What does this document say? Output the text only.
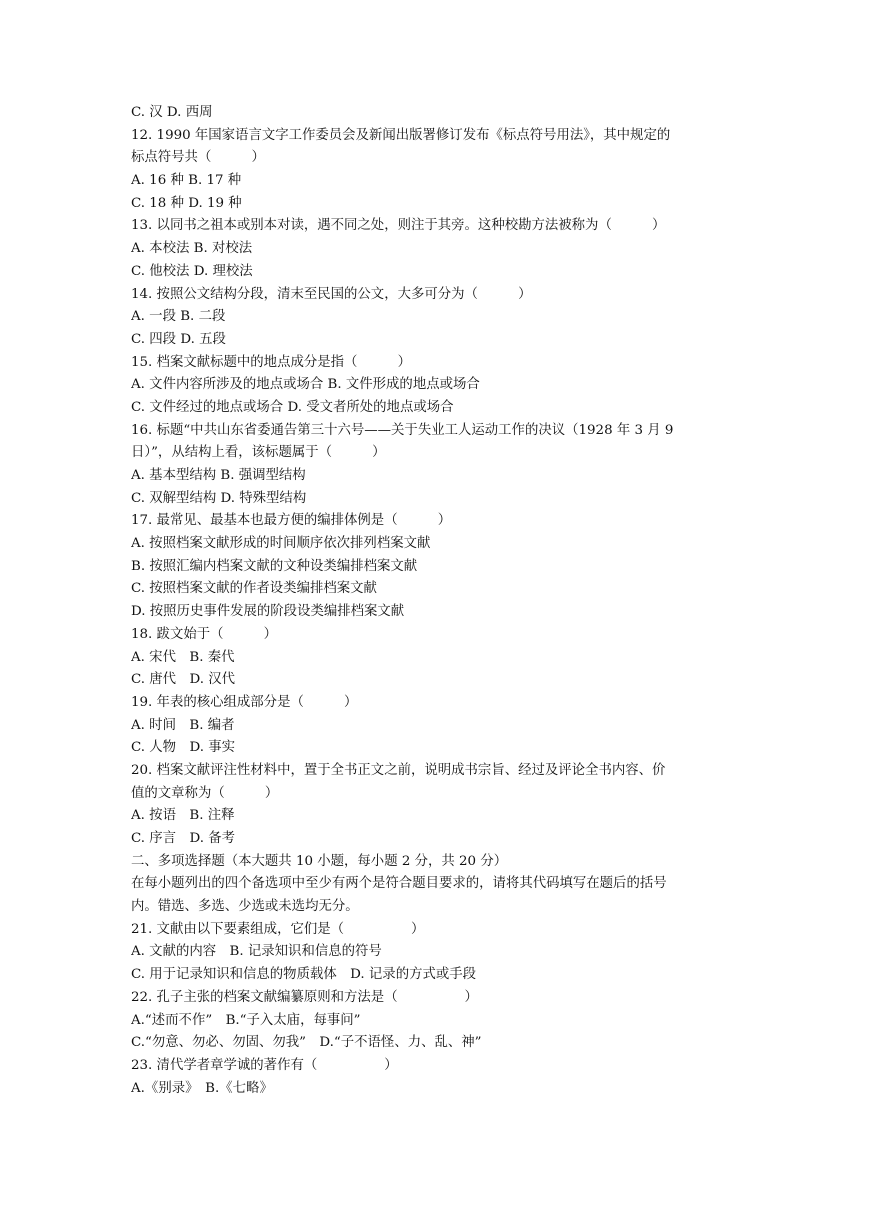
C. 汉 D. 西周
12. 1990 年国家语言文字工作委员会及新闻出版署修订发布《标点符号用法》，其中规定的
标点符号共（　　　）
A. 16 种 B. 17 种
C. 18 种 D. 19 种
13. 以同书之祖本或别本对读，遇不同之处，则注于其旁。这种校勘方法被称为（　　　）
A. 本校法 B. 对校法
C. 他校法 D. 理校法
14. 按照公文结构分段，清末至民国的公文，大多可分为（　　　）
A. 一段 B. 二段
C. 四段 D. 五段
15. 档案文献标题中的地点成分是指（　　　）
A. 文件内容所涉及的地点或场合 B. 文件形成的地点或场合
C. 文件经过的地点或场合 D. 受文者所处的地点或场合
16. 标题“中共山东省委通告第三十六号——关于失业工人运动工作的决议（1928 年 3 月 9
日）”，从结构上看，该标题属于（　　　）
A. 基本型结构 B. 强调型结构
C. 双解型结构 D. 特殊型结构
17. 最常见、最基本也最方便的编排体例是（　　　）
A. 按照档案文献形成的时间顺序依次排列档案文献
B. 按照汇编内档案文献的文种设类编排档案文献
C. 按照档案文献的作者设类编排档案文献
D. 按照历史事件发展的阶段设类编排档案文献
18. 跋文始于（　　　）
A. 宋代　B. 秦代
C. 唐代　D. 汉代
19. 年表的核心组成部分是（　　　）
A. 时间　B. 编者
C. 人物　D. 事实
20. 档案文献评注性材料中，置于全书正文之前，说明成书宗旨、经过及评论全书内容、价
值的文章称为（　　　）
A. 按语　B. 注释
C. 序言　D. 备考
二、多项选择题（本大题共 10 小题，每小题 2 分，共 20 分）
在每小题列出的四个备选项中至少有两个是符合题目要求的，请将其代码填写在题后的括号
内。错选、多选、少选或未选均无分。
21. 文献由以下要素组成，它们是（　　　　　）
A. 文献的内容　B. 记录知识和信息的符号
C. 用于记录知识和信息的物质载体　D. 记录的方式或手段
22. 孔子主张的档案文献编纂原则和方法是（　　　　　）
A.“述而不作”　B.“子入太庙，每事问”
C.“勿意、勿必、勿固、勿我”　D.“子不语怪、力、乱、神”
23. 清代学者章学诚的著作有（　　　　　）
A.《别录》　B.《七略》
